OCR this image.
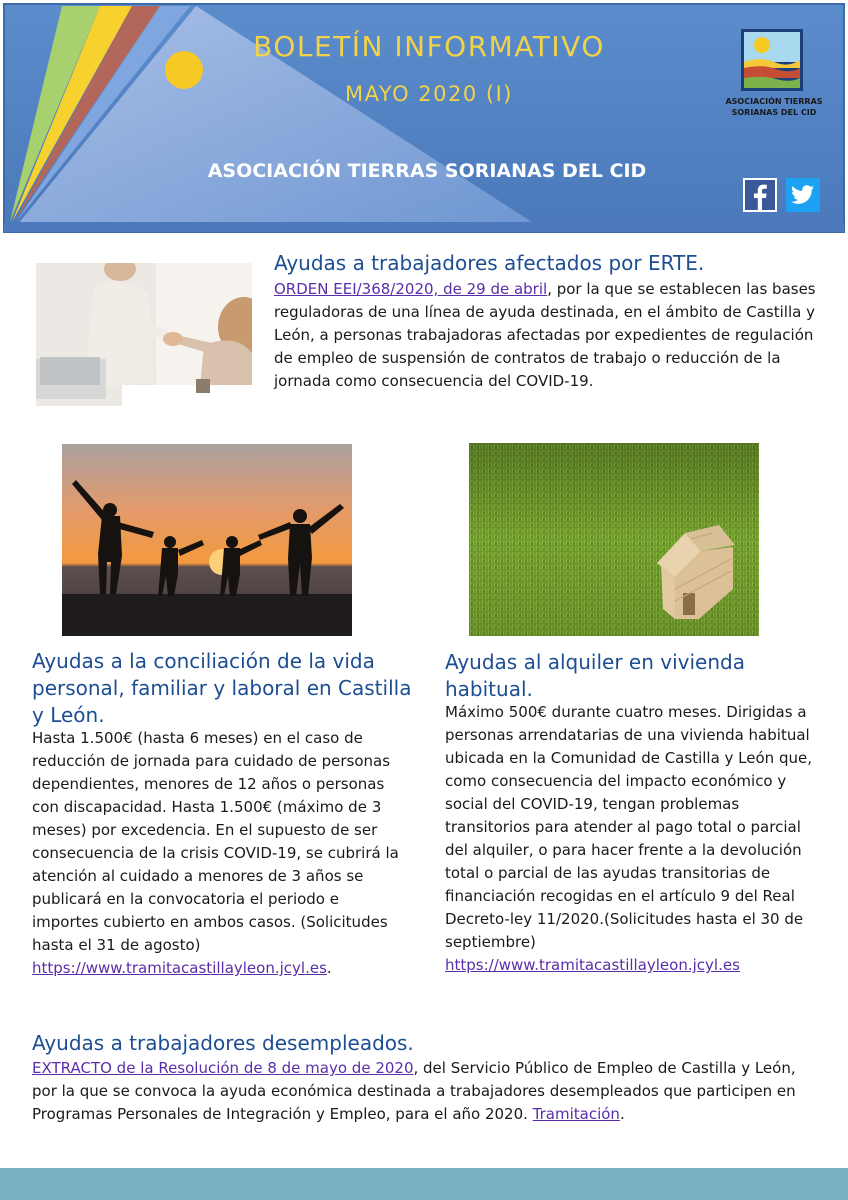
BOLETÍN INFORMATIVO
MAYO 2020 (I)
ASOCIACIÓN TIERRAS SORIANAS DEL CID
ASOCIACIÓN TIERRAS
SORIANAS DEL CID
Ayudas a trabajadores afectados por ERTE.

ORDEN EEI/368/2020, de 29 de abril, por la que se establecen las bases reguladoras de una línea de ayuda destinada, en el ámbito de Castilla y León, a personas trabajadoras afectadas por expedientes de regulación de empleo de suspensión de contratos de trabajo o reducción de la jornada como consecuencia del COVID-19.

Ayudas a la conciliación de la vida personal, familiar y laboral en Castilla y León.

Hasta 1.500€ (hasta 6 meses) en el caso de reducción de jornada para cuidado de personas dependientes, menores de 12 años o personas con discapacidad. Hasta 1.500€ (máximo de 3 meses) por excedencia. En el supuesto de ser consecuencia de la crisis COVID-19, se cubrirá la atención al cuidado a menores de 3 años se publicará en la convocatoria el periodo e importes cubierto en ambos casos. (Solicitudes hasta el 31 de agosto)
https://www.tramitacastillayleon.jcyl.es.

Ayudas al alquiler en vivienda habitual.

Máximo 500€ durante cuatro meses. Dirigidas a personas arrendatarias de una vivienda habitual ubicada en la Comunidad de Castilla y León que, como consecuencia del impacto económico y social del COVID-19, tengan problemas transitorios para atender al pago total o parcial del alquiler, o para hacer frente a la devolución total o parcial de las ayudas transitorias de financiación recogidas en el artículo 9 del Real Decreto-ley 11/2020.(Solicitudes hasta el 30 de septiembre)
https://www.tramitacastillayleon.jcyl.es

Ayudas a trabajadores desempleados.

EXTRACTO de la Resolución de 8 de mayo de 2020, del Servicio Público de Empleo de Castilla y León, por la que se convoca la ayuda económica destinada a trabajadores desempleados que participen en Programas Personales de Integración y Empleo, para el año 2020. Tramitación.
